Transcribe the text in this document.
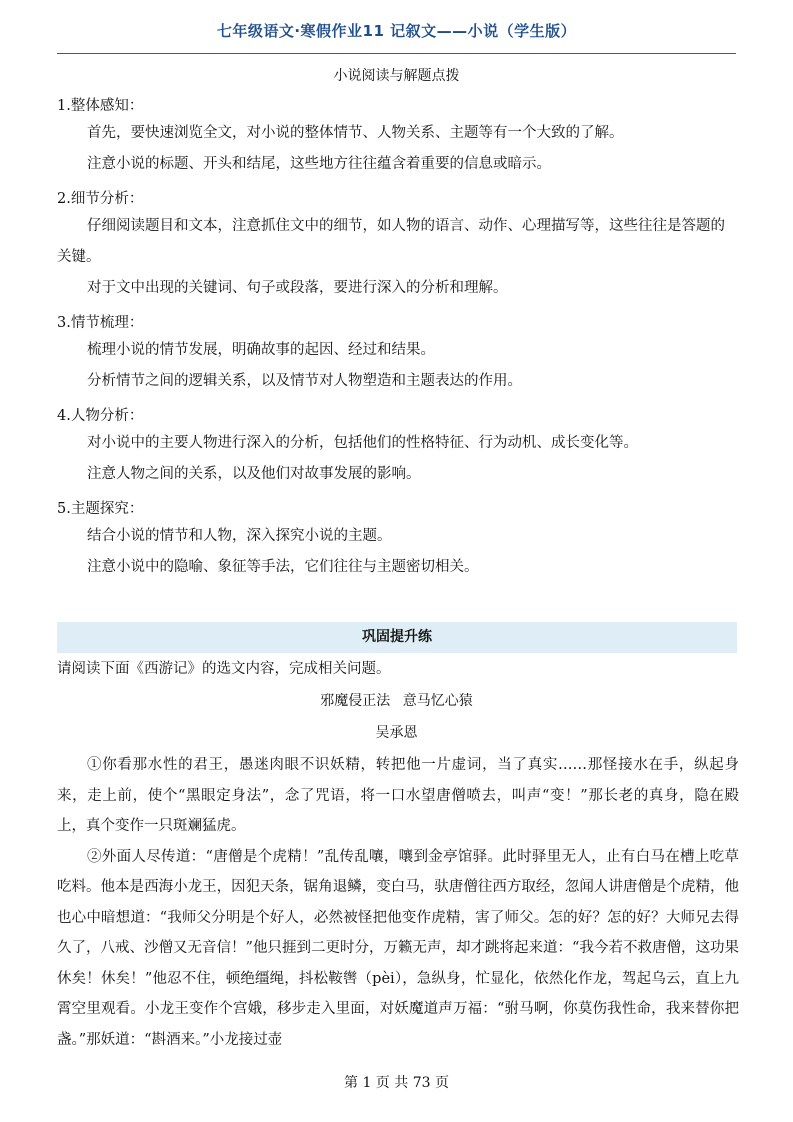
七年级语文·寒假作业11 记叙文——小说（学生版）
小说阅读与解题点拨
1.整体感知：

首先，要快速浏览全文，对小说的整体情节、人物关系、主题等有一个大致的了解。

注意小说的标题、开头和结尾，这些地方往往蕴含着重要的信息或暗示。

2.细节分析：

仔细阅读题目和文本，注意抓住文中的细节，如人物的语言、动作、心理描写等，这些往往是答题的关键。

对于文中出现的关键词、句子或段落，要进行深入的分析和理解。

3.情节梳理：

梳理小说的情节发展，明确故事的起因、经过和结果。

分析情节之间的逻辑关系，以及情节对人物塑造和主题表达的作用。

4.人物分析：

对小说中的主要人物进行深入的分析，包括他们的性格特征、行为动机、成长变化等。

注意人物之间的关系，以及他们对故事发展的影响。

5.主题探究：

结合小说的情节和人物，深入探究小说的主题。

注意小说中的隐喻、象征等手法，它们往往与主题密切相关。

巩固提升练
请阅读下面《西游记》的选文内容，完成相关问题。
邪魔侵正法 意马忆心猿
吴承恩

①你看那水性的君王，愚迷肉眼不识妖精，转把他一片虚词，当了真实……那怪接水在手，纵起身来，走上前，使个“黑眼定身法”，念了咒语，将一口水望唐僧喷去，叫声“变！”那长老的真身，隐在殿上，真个变作一只斑斓猛虎。

②外面人尽传道：“唐僧是个虎精！”乱传乱嚷，嚷到金亭馆驿。此时驿里无人，止有白马在槽上吃草吃料。他本是西海小龙王，因犯天条，锯角退鳞，变白马，驮唐僧往西方取经，忽闻人讲唐僧是个虎精，他也心中暗想道：“我师父分明是个好人，必然被怪把他变作虎精，害了师父。怎的好？怎的好？大师兄去得久了，八戒、沙僧又无音信！”他只捱到二更时分，万籁无声，却才跳将起来道：“我今若不救唐僧，这功果休矣！休矣！”他忍不住，顿绝缰绳，抖松鞍辔（pèi），急纵身，忙显化，依然化作龙，驾起乌云，直上九霄空里观看。小龙王变作个宫娥，移步走入里面，对妖魔道声万福：“驸马啊，你莫伤我性命，我来替你把盏。”那妖道：“斟酒来。”小龙接过壶

第 1 页 共 73 页
